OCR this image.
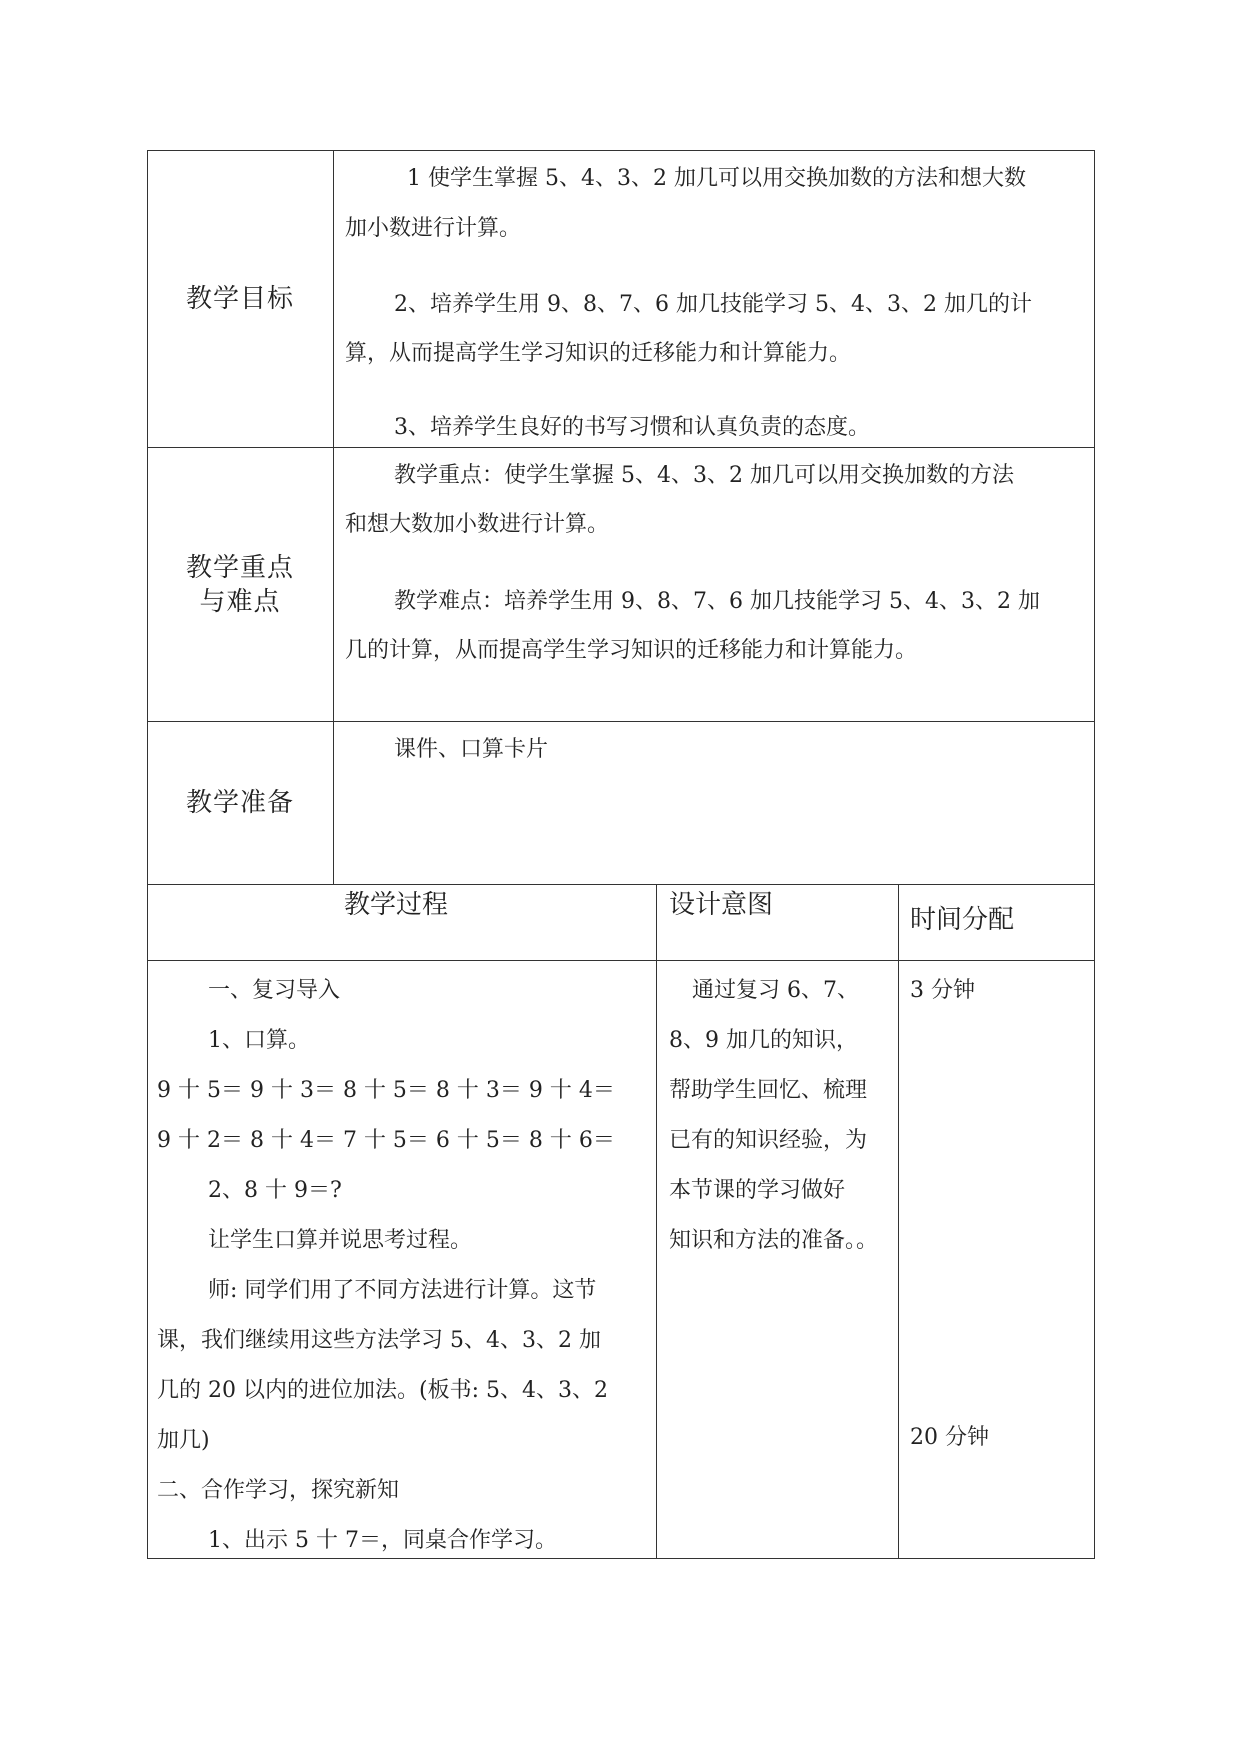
教学目标
教学重点
与难点
教学准备
1 使学生掌握 5、4、3、2 加几可以用交换加数的方法和想大数
加小数进行计算。
2、培养学生用 9、8、7、6 加几技能学习 5、4、3、2 加几的计
算，从而提高学生学习知识的迁移能力和计算能力。
3、培养学生良好的书写习惯和认真负责的态度。
教学重点：使学生掌握 5、4、3、2 加几可以用交换加数的方法
和想大数加小数进行计算。
教学难点：培养学生用 9、8、7、6 加几技能学习 5、4、3、2 加
几的计算，从而提高学生学习知识的迁移能力和计算能力。
课件、口算卡片
教学过程	设计意图	时间分配
一、复习导入
1、口算。
9 十 5＝ 9 十 3＝ 8 十 5＝ 8 十 3＝ 9 十 4＝
9 十 2＝ 8 十 4＝ 7 十 5＝ 6 十 5＝ 8 十 6＝
2、8 十 9＝?
让学生口算并说思考过程。
师: 同学们用了不同方法进行计算。这节
课，我们继续用这些方法学习 5、4、3、2 加
几的 20 以内的进位加法。(板书: 5、4、3、2
加几)
二、合作学习，探究新知
1、出示 5 十 7＝，同桌合作学习。
通过复习 6、7、
8、9 加几的知识，
帮助学生回忆、梳理
已有的知识经验，为
本节课的学习做好
知识和方法的准备。。
3 分钟
20 分钟
